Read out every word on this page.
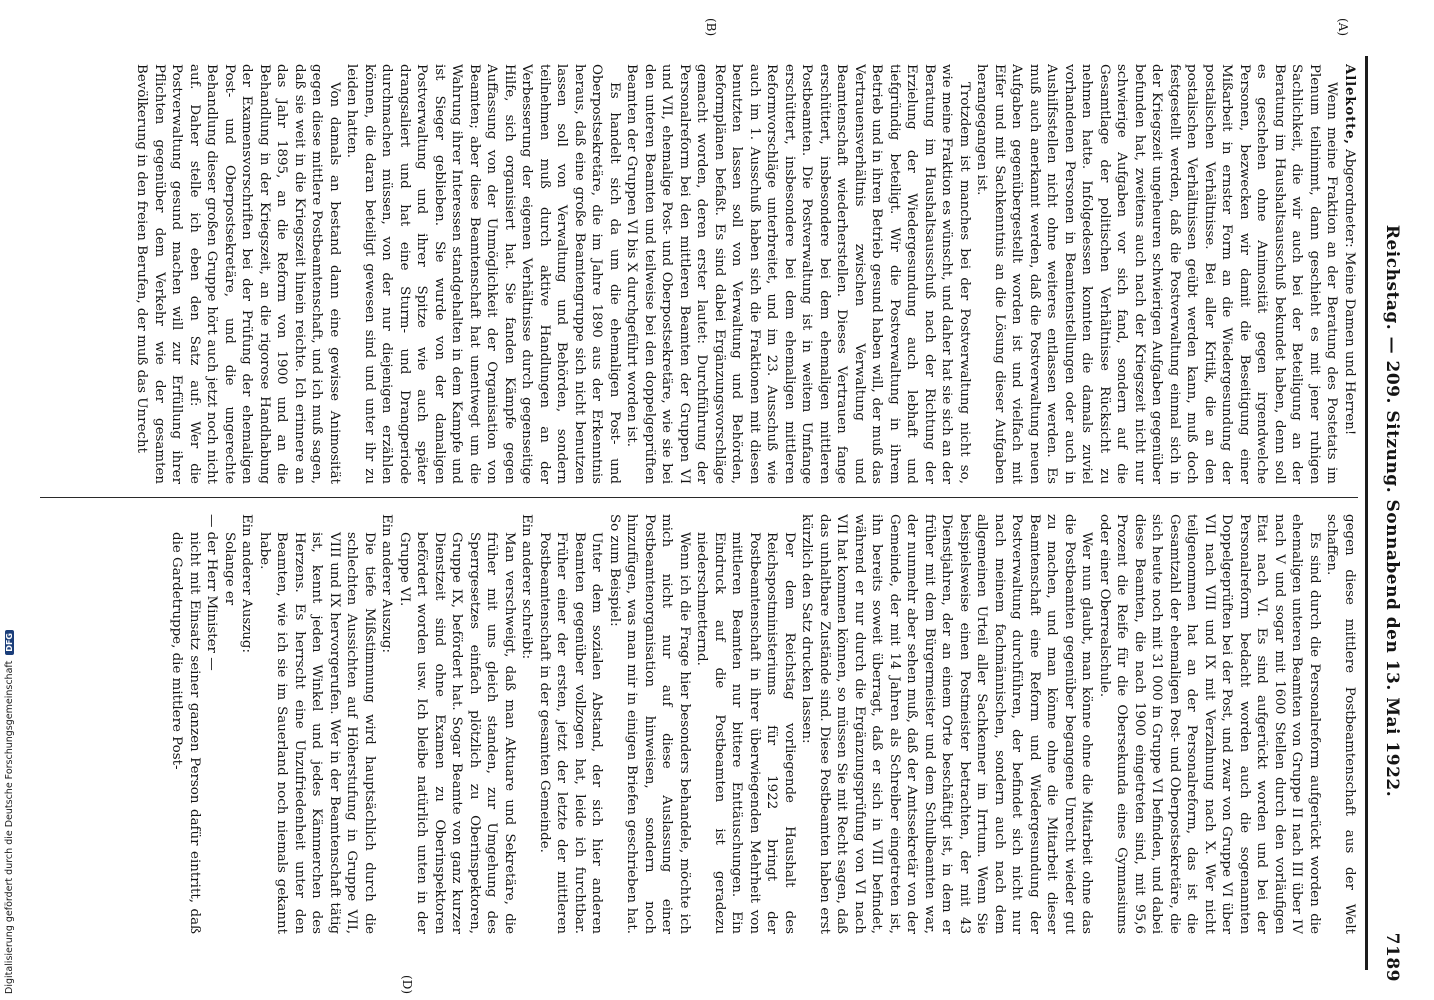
Reichstag. — 209. Sitzung. Sonnabend den 13. Mai 1922.
7189
(A)
(B)
(D)

Allekotte, Abgeordneter: Meine Damen und Herren!

Wenn meine Fraktion an der Beratung des Postetats im Plenum teilnimmt, dann geschieht es mit jener ruhigen Sachlichkeit, die wir auch bei der Beteiligung an der Beratung im Haushaltsausschuß bekundet haben, denn soll es geschehen ohne Animosität gegen irgendwelche Personen, bezwecken wir damit die Beseitigung einer Mißarbeit in ernster Form an die Wiedergesundung der postalischen Verhältnisse. Bei aller Kritik, die an den postalischen Verhältnissen geübt werden kann, muß doch festgestellt werden, daß die Postverwaltung einmal sich in der Kriegszeit ungeheuren schwierigen Aufgaben gegenüber befunden hat, zweitens auch nach der Kriegszeit nicht nur schwierige Aufgaben vor sich fand, sondern auf die Gesamtlage der politischen Verhältnisse Rücksicht zu nehmen hatte. Infolgedessen konnten die damals zuviel vorhandenen Personen in Beamtenstellungen oder auch in Aushilfsstellen nicht ohne weiteres entlassen werden. Es muß auch anerkannt werden, daß die Postverwaltung neuen Aufgaben gegenübergestellt worden ist und vielfach mit Eifer und mit Sachkenntnis an die Lösung dieser Aufgaben herangegangen ist.

Trotzdem ist manches bei der Postverwaltung nicht so, wie meine Fraktion es wünscht, und daher hat sie sich an der Beratung im Haushaltsausschuß nach der Richtung der Erzielung der Wiedergesundung auch lebhaft und tiefgründig beteiligt. Wir die Postverwaltung in ihrem Betrieb und in ihren Betrieb gesund haben will, der muß das Vertrauensverhältnis zwischen Verwaltung und Beamtenschaft wiederherstellen. Dieses Vertrauen fange erschüttert, insbesondere bei dem ehemaligen mittleren Postbeamten. Die Postverwaltung ist in weitem Umfange erschüttert, insbesondere bei dem ehemaligen mittleren Reformvorschläge unterbreitet, und im 23. Ausschuß wie auch im 1. Ausschuß haben sich die Fraktionen mit diesen benutzten lassen soll von Verwaltung und Behörden, Reformplänen befaßt. Es sind dabei Ergänzungsvorschläge gemacht worden, deren erster lautet: Durchführung der Personalreform bei den mittleren Beamten der Gruppen VI und VII, ehemalige Post- und Oberpostsekretäre, wie sie bei den unteren Beamten und teilweise bei den doppelgeprüften Beamten der Gruppen VI bis X durchgeführt worden ist.

Es handelt sich da um die ehemaligen Post- und Oberpostsekretäre, die im Jahre 1890 aus der Erkenntnis heraus, daß eine große Beamtengruppe sich nicht benutzen lassen soll von Verwaltung und Behörden, sondern teilnehmen muß durch aktive Handlungen an der Verbesserung der eigenen Verhältnisse durch gegenseitige Hilfe, sich organisiert hat. Sie fanden Kämpfe gegen Auffassung von der Unmöglichkeit der Organisation von Beamten; aber diese Beamtenschaft hat unentwegt um die Wahrung ihrer Interessen standgehalten in dem Kampfe und ist Sieger geblieben. Sie wurde von der damaligen Postverwaltung und ihrer Spitze wie auch später drangsaliert und hat eine Sturm- und Drangperiode durchmachen müssen, von der nur diejenigen erzählen können, die daran beteiligt gewesen sind und unter ihr zu leiden hatten.

Von damals an bestand dann eine gewisse Animosität gegen diese mittlere Postbeamtenschaft, und ich muß sagen, daß sie weit in die Kriegszeit hinein reichte. Ich erinnere an das Jahr 1895, an die Reform von 1900 und an die Behandlung in der Kriegszeit, an die rigorose Handhabung der Examensvorschriften bei der Prüfung der ehemaligen Post- und Oberpostsekretäre, und die ungerechte Behandlung dieser großen Gruppe hört auch jetzt noch nicht auf. Daher stelle ich eben den Satz auf: Wer die Postverwaltung gesund machen will zur Erfüllung ihrer Pflichten gegenüber dem Verkehr wie der gesamten Bevölkerung in den freien Berufen, der muß das Unrecht

gegen diese mittlere Postbeamtenschaft aus der Welt schaffen.

Es sind durch die Personalreform aufgerückt worden die ehemaligen unteren Beamten von Gruppe II nach III über IV nach V und sogar mit 1600 Stellen durch den vorläufigen Etat nach VI. Es sind aufgerückt worden und bei der Personalreform bedacht worden auch die sogenannten Doppelgeprüften bei der Post, und zwar von Gruppe VI über VII nach VIII und IX mit Verzahnung nach X. Wer nicht teilgenommen hat an der Personalreform, das ist die Gesamtzahl der ehemaligen Post- und Oberpostsekretäre, die sich heute noch mit 31 000 in Gruppe VI befinden, und dabei diese Beamten, die nach 1900 eingetreten sind, mit 95,6 Prozent die Reife für die Obersekunda eines Gymnasiums oder einer Oberrealschule.

Wer nun glaubt, man könne ohne die Mitarbeit ohne das die Postbeamten gegenüber begangene Unrecht wieder gut zu machen, und man könne ohne die Mitarbeit dieser Beamtenschaft eine Reform und Wiedergesundung der Postverwaltung durchführen, der befindet sich nicht nur nach meinem fachmännischen, sondern auch nach dem allgemeinen Urteil aller Sachkenner im Irrtum. Wenn Sie beispielsweise einen Postmeister betrachten, der mit 43 Dienstjahren, der an einem Orte beschäftigt ist, in dem er früher mit dem Bürgermeister und dem Schulbeamten war, der nunmehr aber sehen muß, daß der Amtssekretär von der Gemeinde, der mit 14 Jahren als Schreiber eingetreten ist, ihn bereits soweit überragt, daß er sich in VIII befindet, während er nur durch die Ergänzungsprüfung von VI nach VII hat kommen können, so müssen Sie mit Recht sagen, daß das unhaltbare Zustände sind. Diese Postbeamten haben erst kürzlich den Satz drucken lassen:

Der dem Reichstag vorliegende Haushalt des Reichspostministeriums für 1922 bringt der Postbeamtenschaft in ihrer überwiegenden Mehrheit von mittleren Beamten nur bittere Enttäuschungen. Ein Eindruck auf die Postbeamten ist geradezu niederschmetternd.

Wenn ich die Frage hier besonders behandele, möchte ich mich nicht nur auf diese Auslassung einer Postbeamtenorganisation hinweisen, sondern noch hinzufügen, was man mir in einigen Briefen geschrieben hat. So zum Beispiel:

Unter dem sozialen Abstand, der sich hier anderen Beamten gegenüber vollzogen hat, leide ich furchtbar. Früher einer der ersten, jetzt der letzte der mittleren Postbeamtenschaft in der gesamten Gemeinde.

Ein anderer schreibt:

Man verschweigt, daß man Aktuare und Sekretäre, die früher mit uns gleich standen, zur Umgehung des Sperrgesetzes einfach plötzlich zu Oberinspektoren, Gruppe IX, befördert hat. Sogar Beamte von ganz kurzer Dienstzeit sind ohne Examen zu Oberinspektoren befördert worden usw. Ich bleibe natürlich unten in der Gruppe VI.

Ein anderer Auszug:

Die tiefe Mißstimmung wird hauptsächlich durch die schlechten Aussichten auf Höherstufung in Gruppe VII, VIII und IX hervorgerufen. Wer in der Beamtenschaft tätig ist, kennt jeden Winkel und jedes Kämmerchen des Herzens. Es herrscht eine Unzufriedenheit unter den Beamten, wie ich sie im Sauerland noch niemals gekannt habe.

Ein anderer Auszug:

Solange er

— der Herr Minister —

nicht mit Einsatz seiner ganzen Person dafür eintritt, daß die Gardetruppe, die mittlere Post-

Digitalisierung gefördert durch die Deutsche Forschungsgemeinschaft
DFG
